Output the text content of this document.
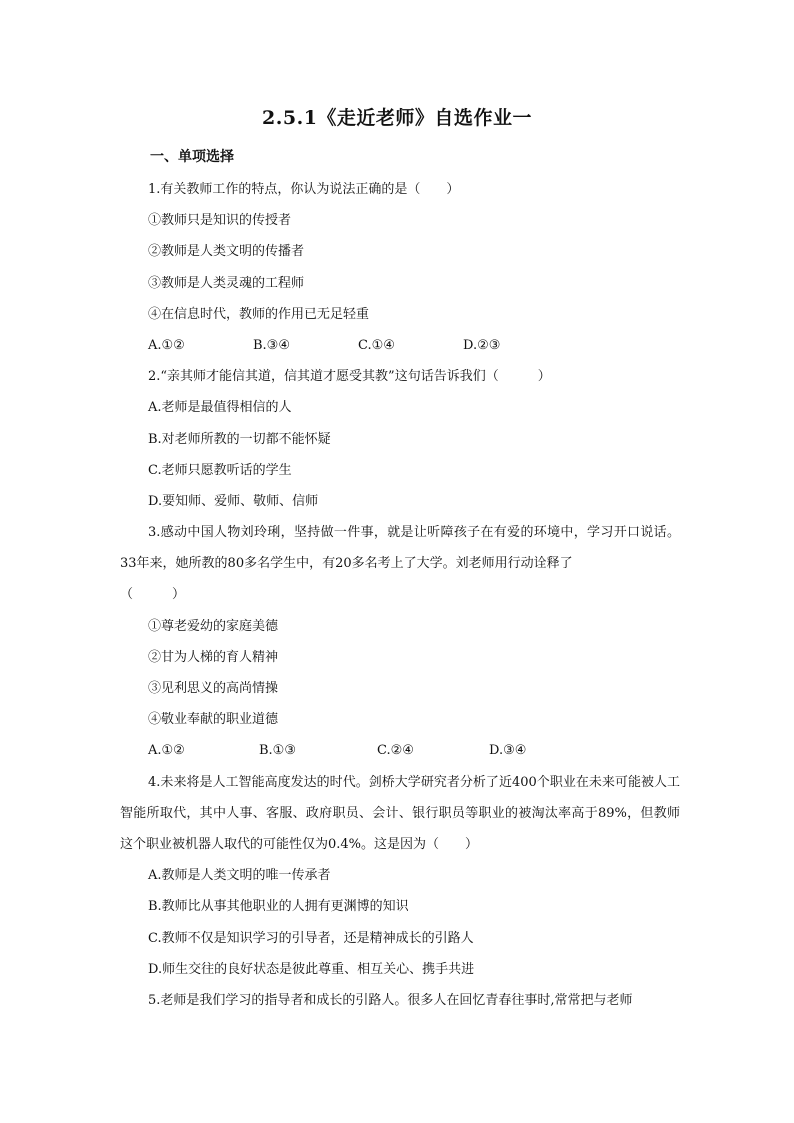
2.5.1《走近老师》自选作业一
一、单项选择
1.有关教师工作的特点，你认为说法正确的是（　　）
①教师只是知识的传授者
②教师是人类文明的传播者
③教师是人类灵魂的工程师
④在信息时代，教师的作用已无足轻重
A.①②	B.③④	C.①④	D.②③
2.“亲其师才能信其道，信其道才愿受其教”这句话告诉我们（　　　）
A.老师是最值得相信的人
B.对老师所教的一切都不能怀疑
C.老师只愿教听话的学生
D.要知师、爱师、敬师、信师
3.感动中国人物刘玲琍，坚持做一件事，就是让听障孩子在有爱的环境中，学习开口说话。33年来，她所教的80多名学生中，有20多名考上了大学。刘老师用行动诠释了
（　　　）
①尊老爱幼的家庭美德
②甘为人梯的育人精神
③见利思义的高尚情操
④敬业奉献的职业道德
A.①②	B.①③	C.②④	D.③④
4.未来将是人工智能高度发达的时代。剑桥大学研究者分析了近400个职业在未来可能被人工智能所取代，其中人事、客服、政府职员、会计、银行职员等职业的被淘汰率高于89%，但教师这个职业被机器人取代的可能性仅为0.4%。这是因为（　　）
A.教师是人类文明的唯一传承者
B.教师比从事其他职业的人拥有更渊博的知识
C.教师不仅是知识学习的引导者，还是精神成长的引路人
D.师生交往的良好状态是彼此尊重、相互关心、携手共进
5.老师是我们学习的指导者和成长的引路人。很多人在回忆青春往事时,常常把与老师
